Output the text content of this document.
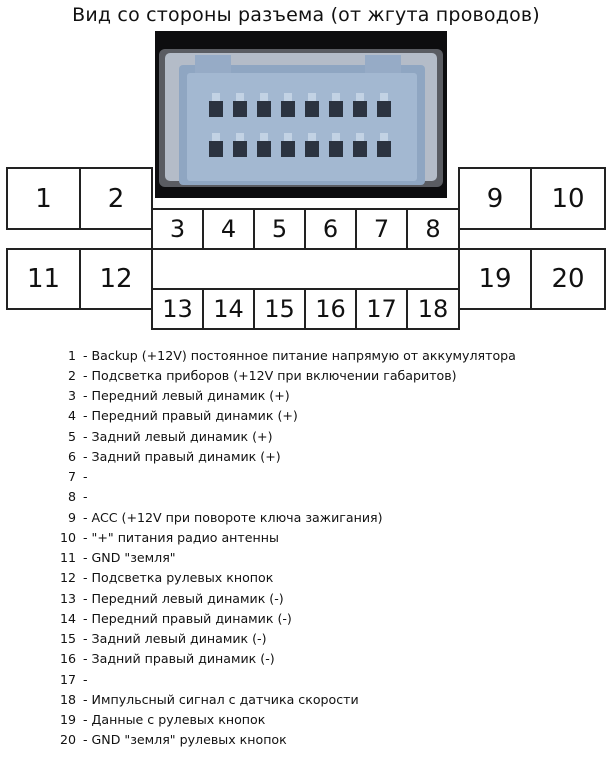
Вид со стороны разъема (от жгута проводов)
1	2
11	12
9	10
19	20
3	4	5	6	7	8
13 14 15 16 17 18
1 - Backup (+12V) постоянное питание напрямую от аккумулятора
2 - Подсветка приборов (+12V при включении габаритов)
3 - Передний левый динамик (+)
4 - Передний правый динамик (+)
5 - Задний левый динамик (+)
6 - Задний правый динамик (+)
7 -
8 -
9 - ACC (+12V при повороте ключа зажигания)
10 - "+" питания радио антенны
11 - GND "земля"
12 - Подсветка рулевых кнопок
13 - Передний левый динамик (-)
14 - Передний правый динамик (-)
15 - Задний левый динамик (-)
16 - Задний правый динамик (-)
17 -
18 - Импульсный сигнал с датчика скорости
19 - Данные с рулевых кнопок
20 - GND "земля" рулевых кнопок
